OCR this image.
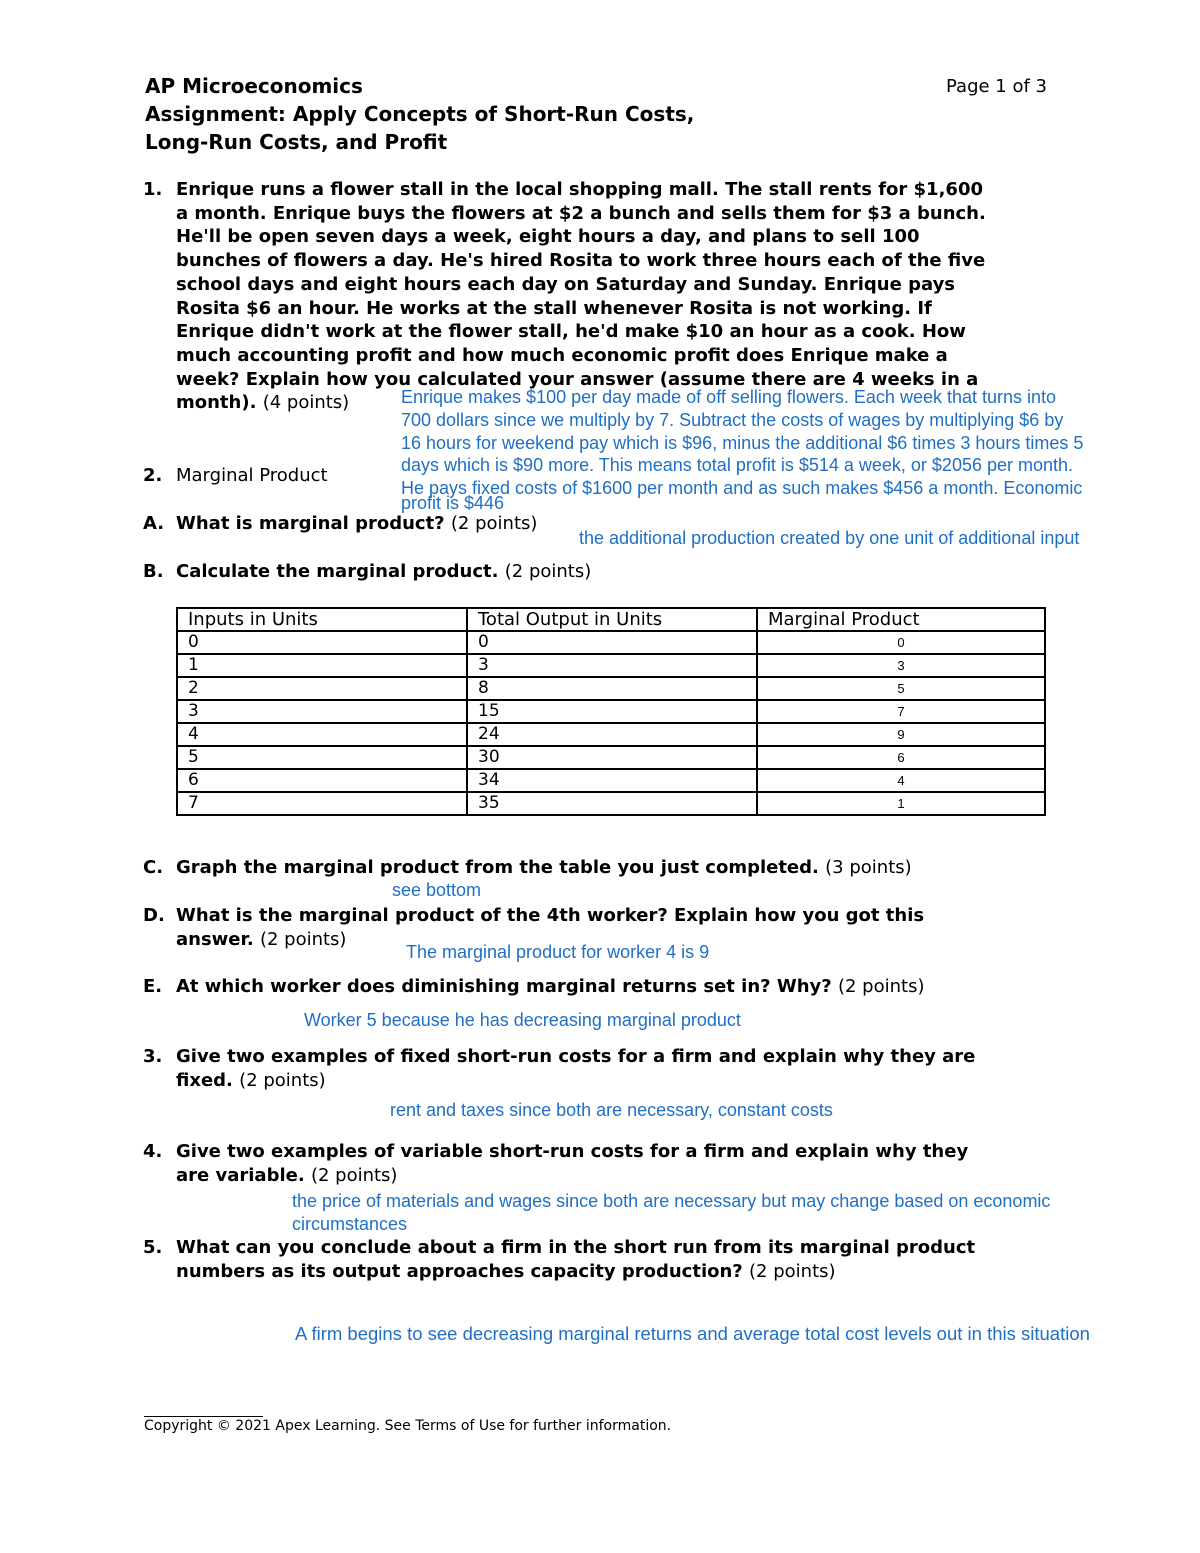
AP Microeconomics	Page 1 of 3
Assignment: Apply Concepts of Short-Run Costs,
Long-Run Costs, and Profit
1. Enrique runs a flower stall in the local shopping mall. The stall rents for $1,600
a month. Enrique buys the flowers at $2 a bunch and sells them for $3 a bunch.
He'll be open seven days a week, eight hours a day, and plans to sell 100
bunches of flowers a day. He's hired Rosita to work three hours each of the five
school days and eight hours each day on Saturday and Sunday. Enrique pays
Rosita $6 an hour. He works at the stall whenever Rosita is not working. If
Enrique didn't work at the flower stall, he'd make $10 an hour as a cook. How
much accounting profit and how much economic profit does Enrique make a
week? Explain how you calculated your answer (assume there are 4 weeks in a
month). (4 points)	Enrique makes $100 per day made of off selling flowers. Each week that turns into
700 dollars since we multiply by 7. Subtract the costs of wages by multiplying $6 by
16 hours for weekend pay which is $96, minus the additional $6 times 3 hours times 5
days which is $90 more. This means total profit is $514 a week, or $2056 per month.
He pays fixed costs of $1600 per month and as such makes $456 a month. Economic
profit is $446
2. Marginal Product
A. What is marginal product? (2 points)
the additional production created by one unit of additional input
B. Calculate the marginal product. (2 points)
Inputs in Units	Total Output in Units	Marginal Product
0	0	0
1	3	3
2	8	5
3	15	7
4	24	9
5	30	6
6	34	4
7	35	1
C. Graph the marginal product from the table you just completed. (3 points)
see bottom
D. What is the marginal product of the 4th worker? Explain how you got this
answer. (2 points)
The marginal product for worker 4 is 9
E. At which worker does diminishing marginal returns set in? Why? (2 points)
Worker 5 because he has decreasing marginal product
3. Give two examples of fixed short-run costs for a firm and explain why they are
fixed. (2 points)
rent and taxes since both are necessary, constant costs
4. Give two examples of variable short-run costs for a firm and explain why they
are variable. (2 points)
the price of materials and wages since both are necessary but may change based on economic
circumstances
5. What can you conclude about a firm in the short run from its marginal product
numbers as its output approaches capacity production? (2 points)
A firm begins to see decreasing marginal returns and average total cost levels out in this situation
Copyright © 2021 Apex Learning. See Terms of Use for further information.
